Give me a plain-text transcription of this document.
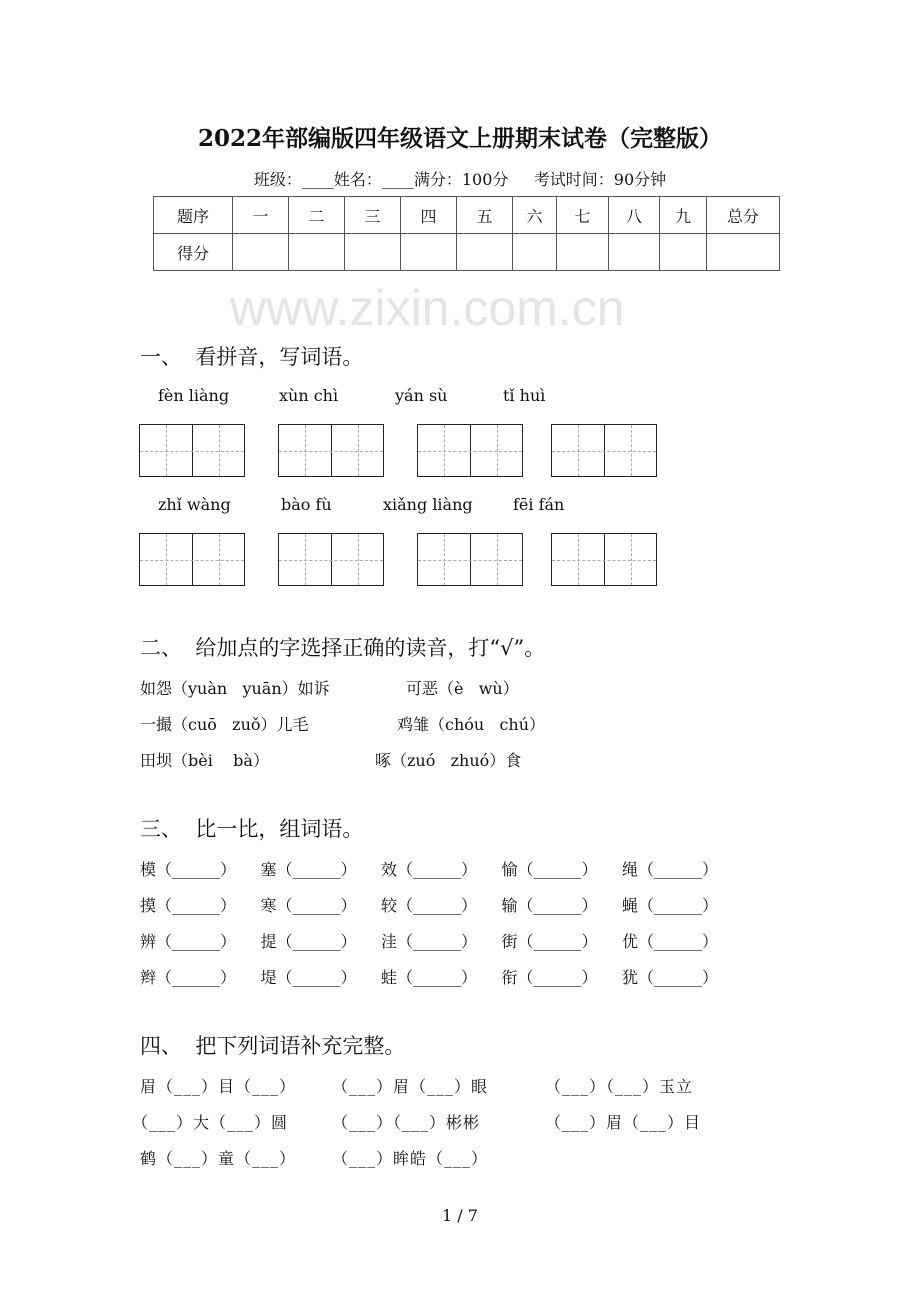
www.zixin.com.cn
2022年部编版四年级语文上册期末试卷（完整版）
班级：____姓名：____满分：100分     考试时间：90分钟
题序	一	二	三	四	五	六	七	八	九	总分
得分										
一、  看拼音，写词语。
fèn liàng	xùn chì	yán sù	tǐ huì
zhǐ wàng	bào fù	xiǎng liàng	fēi fán
二、  给加点的字选择正确的读音，打“√”。
如怨（yuàn   yuān）如诉	可恶（è   wù）
一撮（cuō   zuǒ）儿毛	鸡雏（chóu   chú）
田坝（bèi    bà）	啄（zuó   zhuó）食
三、  比一比，组词语。
模（______） 塞（______） 效（______） 愉（______） 绳（______）
摸（______） 寒（______） 较（______） 输（______） 蝇（______）
辨（______） 提（______） 洼（______） 街（______） 优（______）
辫（______） 堤（______） 蛙（______） 衔（______） 犹（______）
四、  把下列词语补充完整。
眉（___）目（___） （___）眉（___）眼	（___）（___）玉立
（___）大（___）圆	（___）（___）彬彬	（___）眉（___）目
鹤（___）童（___） （___）眸皓（___）
1 / 7
